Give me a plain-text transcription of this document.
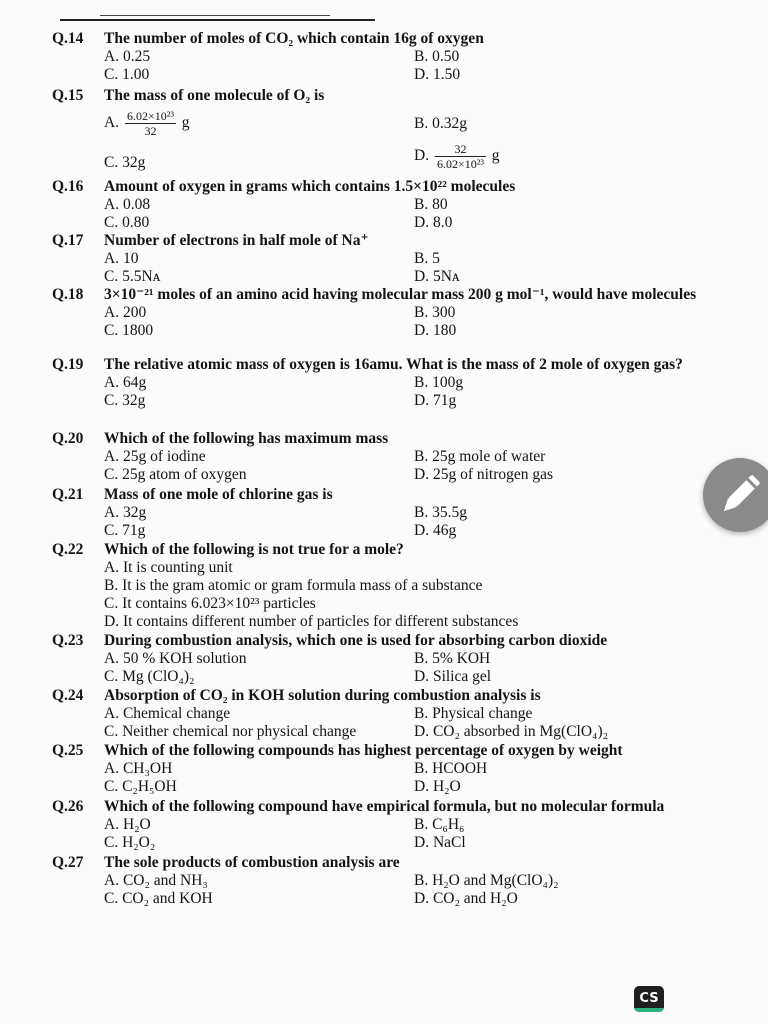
Q.14	The number of moles of CO₂ which contain 16g of oxygen
A. 0.25	B. 0.50
C. 1.00	D. 1.50
Q.15	The mass of one molecule of O₂ is
A. $\frac{\text{6.02×10²³}}{32}$ g	B. 0.32g
C. 32g	D. $\frac{32}{\text{6.02×10²³}}$ g
Q.16	Amount of oxygen in grams which contains 1.5×10²² molecules
A. 0.08	B. 80
C. 0.80	D. 8.0
Q.17	Number of electrons in half mole of Na⁺
A. 10	B. 5
C. 5.5Nᴀ	D. 5Nᴀ
Q.18	3×10⁻²¹ moles of an amino acid having molecular mass 200 g mol⁻¹, would have molecules
A. 200	B. 300
C. 1800	D. 180
Q.19	The relative atomic mass of oxygen is 16amu. What is the mass of 2 mole of oxygen gas?
A. 64g	B. 100g
C. 32g	D. 71g
Q.20	Which of the following has maximum mass
A. 25g of iodine	B. 25g mole of water
C. 25g atom of oxygen	D. 25g of nitrogen gas
Q.21	Mass of one mole of chlorine gas is
A. 32g	B. 35.5g
C. 71g	D. 46g
Q.22	Which of the following is not true for a mole?
A. It is counting unit
B. It is the gram atomic or gram formula mass of a substance
C. It contains 6.023×10²³ particles
D. It contains different number of particles for different substances
Q.23	During combustion analysis, which one is used for absorbing carbon dioxide
A. 50 % KOH solution	B. 5% KOH
C. Mg (ClO₄)₂	D. Silica gel
Q.24	Absorption of CO₂ in KOH solution during combustion analysis is
A. Chemical change	B. Physical change
C. Neither chemical nor physical change	D. CO₂ absorbed in Mg(ClO₄)₂
Q.25	Which of the following compounds has highest percentage of oxygen by weight
A. CH₃OH	B. HCOOH
C. C₂H₅OH	D. H₂O
Q.26	Which of the following compound have empirical formula, but no molecular formula
A. H₂O	B. C₆H₆
C. H₂O₂	D. NaCl
Q.27	The sole products of combustion analysis are
A. CO₂ and NH₃	B. H₂O and Mg(ClO₄)₂
C. CO₂ and KOH	D. CO₂ and H₂O
CS
